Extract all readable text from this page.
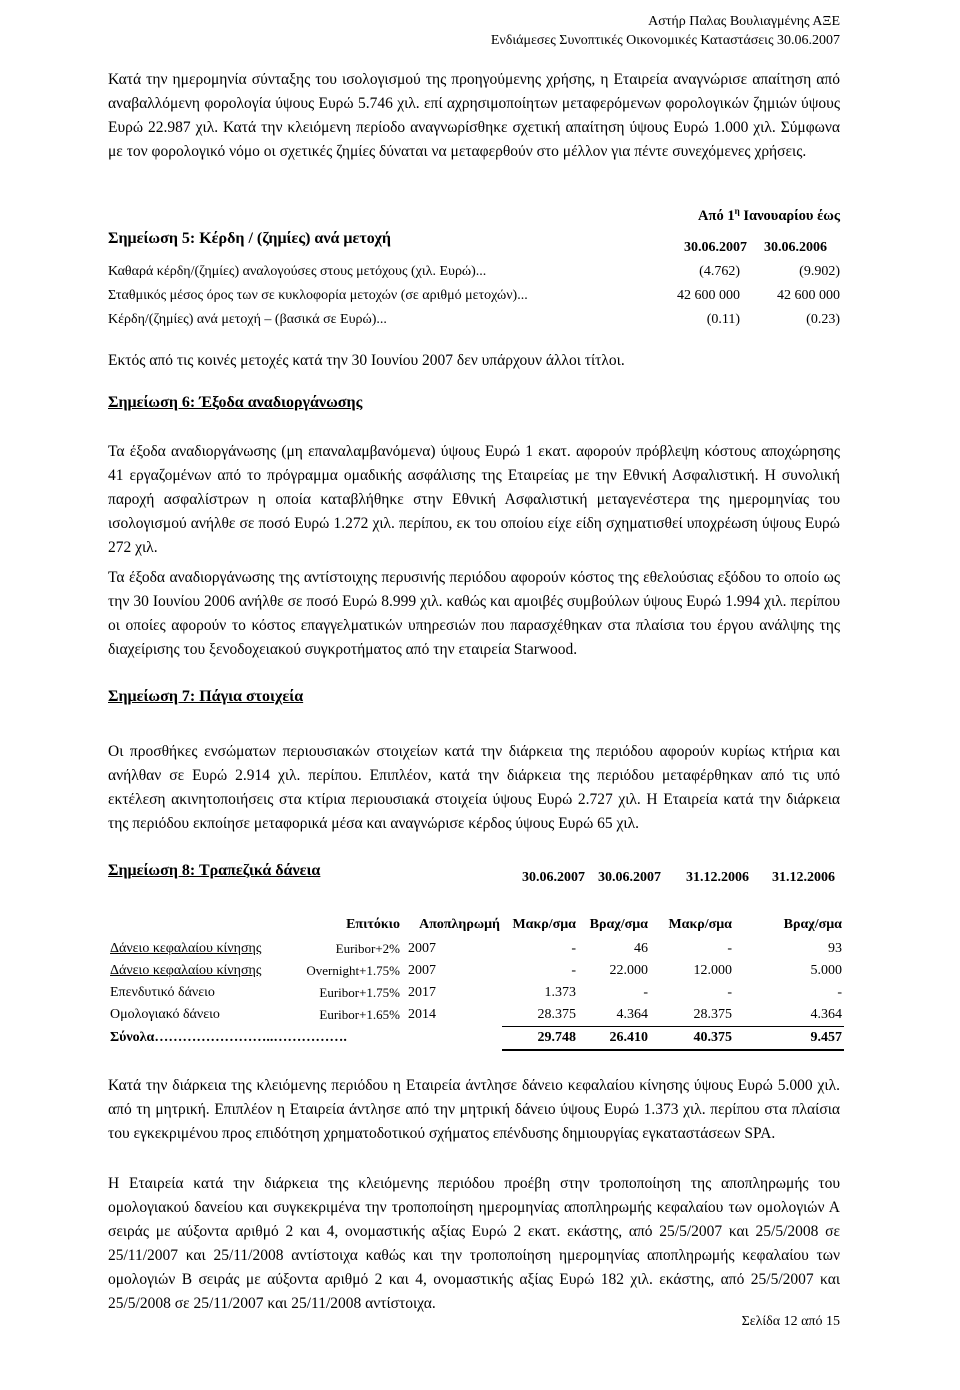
Αστήρ Παλας Βουλιαγμένης ΑΞΕ
Ενδιάμεσες Συνοπτικές Οικονομικές Καταστάσεις 30.06.2007
Κατά την ημερομηνία σύνταξης του ισολογισμού της προηγούμενης χρήσης, η Εταιρεία αναγνώρισε απαίτηση από αναβαλλόμενη φορολογία ύψους Ευρώ 5.746 χιλ. επί αχρησιμοποίητων μεταφερόμενων φορολογικών ζημιών ύψους Ευρώ 22.987 χιλ. Κατά την κλειόμενη περίοδο αναγνωρίσθηκε σχετική απαίτηση ύψους Ευρώ 1.000 χιλ. Σύμφωνα με τον φορολογικό νόμο οι σχετικές ζημίες δύναται να μεταφερθούν στο μέλλον για πέντε συνεχόμενες χρήσεις.
Από $1^\eta$ Ιανουαρίου έως
Σημείωση 5: Κέρδη / (ζημίες) ανά μετοχή
30.06.2007 30.06.2006
Καθαρά κέρδη/(ζημίες) αναλογούσες στους μετόχους (χιλ. Ευρώ)...	(4.762)	(9.902)
Σταθμικός μέσος όρος των σε κυκλοφορία μετοχών (σε αριθμό μετοχών)...	42 600 000	42 600 000
Κέρδη/(ζημίες) ανά μετοχή – (βασικά σε Ευρώ)...	(0.11)	(0.23)
Εκτός από τις κοινές μετοχές κατά την 30 Ιουνίου 2007 δεν υπάρχουν άλλοι τίτλοι.
Σημείωση 6: Έξοδα αναδιοργάνωσης
Τα έξοδα αναδιοργάνωσης (μη επαναλαμβανόμενα) ύψους Ευρώ 1 εκατ. αφορούν πρόβλεψη κόστους αποχώρησης 41 εργαζομένων από το πρόγραμμα ομαδικής ασφάλισης της Εταιρείας με την Εθνική Ασφαλιστική. Η συνολική παροχή ασφαλίστρων η οποία καταβλήθηκε στην Εθνική Ασφαλιστική μεταγενέστερα της ημερομηνίας του ισολογισμού ανήλθε σε ποσό Ευρώ 1.272 χιλ. περίπου, εκ του οποίου είχε είδη σχηματισθεί υποχρέωση ύψους Ευρώ 272 χιλ.
Τα έξοδα αναδιοργάνωσης της αντίστοιχης περυσινής περιόδου αφορούν κόστος της εθελούσιας εξόδου το οποίο ως την 30 Ιουνίου 2006 ανήλθε σε ποσό Ευρώ 8.999 χιλ. καθώς και αμοιβές συμβούλων ύψους Ευρώ 1.994 χιλ. περίπου οι οποίες αφορούν το κόστος επαγγελματικών υπηρεσιών που παρασχέθηκαν στα πλαίσια του έργου ανάλψης της διαχείρισης του ξενοδοχειακού συγκροτήματος από την εταιρεία Starwood.
Σημείωση 7: Πάγια στοιχεία
Οι προσθήκες ενσώματων περιουσιακών στοιχείων κατά την διάρκεια της περιόδου αφορούν κυρίως κτήρια και ανήλθαν σε Ευρώ 2.914 χιλ. περίπου. Επιπλέον, κατά την διάρκεια της περιόδου μεταφέρθηκαν από τις υπό εκτέλεση ακινητοποιήσεις στα κτίρια περιουσιακά στοιχεία ύψους Ευρώ 2.727 χιλ. Η Εταιρεία κατά την διάρκεια της περιόδου εκποίησε μεταφορικά μέσα και αναγνώρισε κέρδος ύψους Ευρώ 65 χιλ.
Σημείωση 8: Τραπεζικά δάνεια	30.06.2007 30.06.2007 31.12.2006 31.12.2006
	Επιτόκιο	Αποπληρωμή	Μακρ/σμα	Βραχ/σμα	Μακρ/σμα	Βραχ/σμα
Δάνειο κεφαλαίου κίνησης	Euribor+2%	2007	-	46	-	93
Δάνειο κεφαλαίου κίνησης	Overnight+1.75%	2007	-	22.000	12.000	5.000
Επενδυτικό δάνειο	Euribor+1.75%	2017	1.373	-	-	-
Ομολογιακό δάνειο	Euribor+1.65%	2014	28.375	4.364	28.375	4.364
Σύνολα……………………..…………….			29.748	26.410	40.375	9.457
Κατά την διάρκεια της κλειόμενης περιόδου η Εταιρεία άντλησε δάνειο κεφαλαίου κίνησης ύψους Ευρώ 5.000 χιλ. από τη μητρική. Επιπλέον η Εταιρεία άντλησε από την μητρική δάνειο ύψους Ευρώ 1.373 χιλ. περίπου στα πλαίσια του εγκεκριμένου προς επιδότηση χρηματοδοτικού σχήματος επένδυσης δημιουργίας εγκαταστάσεων SPA.
Η Εταιρεία κατά την διάρκεια της κλειόμενης περιόδου προέβη στην τροποποίηση της αποπληρωμής του ομολογιακού δανείου και συγκεκριμένα την τροποποίηση ημερομηνίας αποπληρωμής κεφαλαίου των ομολογιών Α σειράς με αύξοντα αριθμό 2 και 4, ονομαστικής αξίας Ευρώ 2 εκατ. εκάστης, από 25/5/2007 και 25/5/2008 σε 25/11/2007 και 25/11/2008 αντίστοιχα καθώς και την τροποποίηση ημερομηνίας αποπληρωμής κεφαλαίου των ομολογιών Β σειράς με αύξοντα αριθμό 2 και 4, ονομαστικής αξίας Ευρώ 182 χιλ. εκάστης, από 25/5/2007 και 25/5/2008 σε 25/11/2007 και 25/11/2008 αντίστοιχα.
Σελίδα 12 από 15
